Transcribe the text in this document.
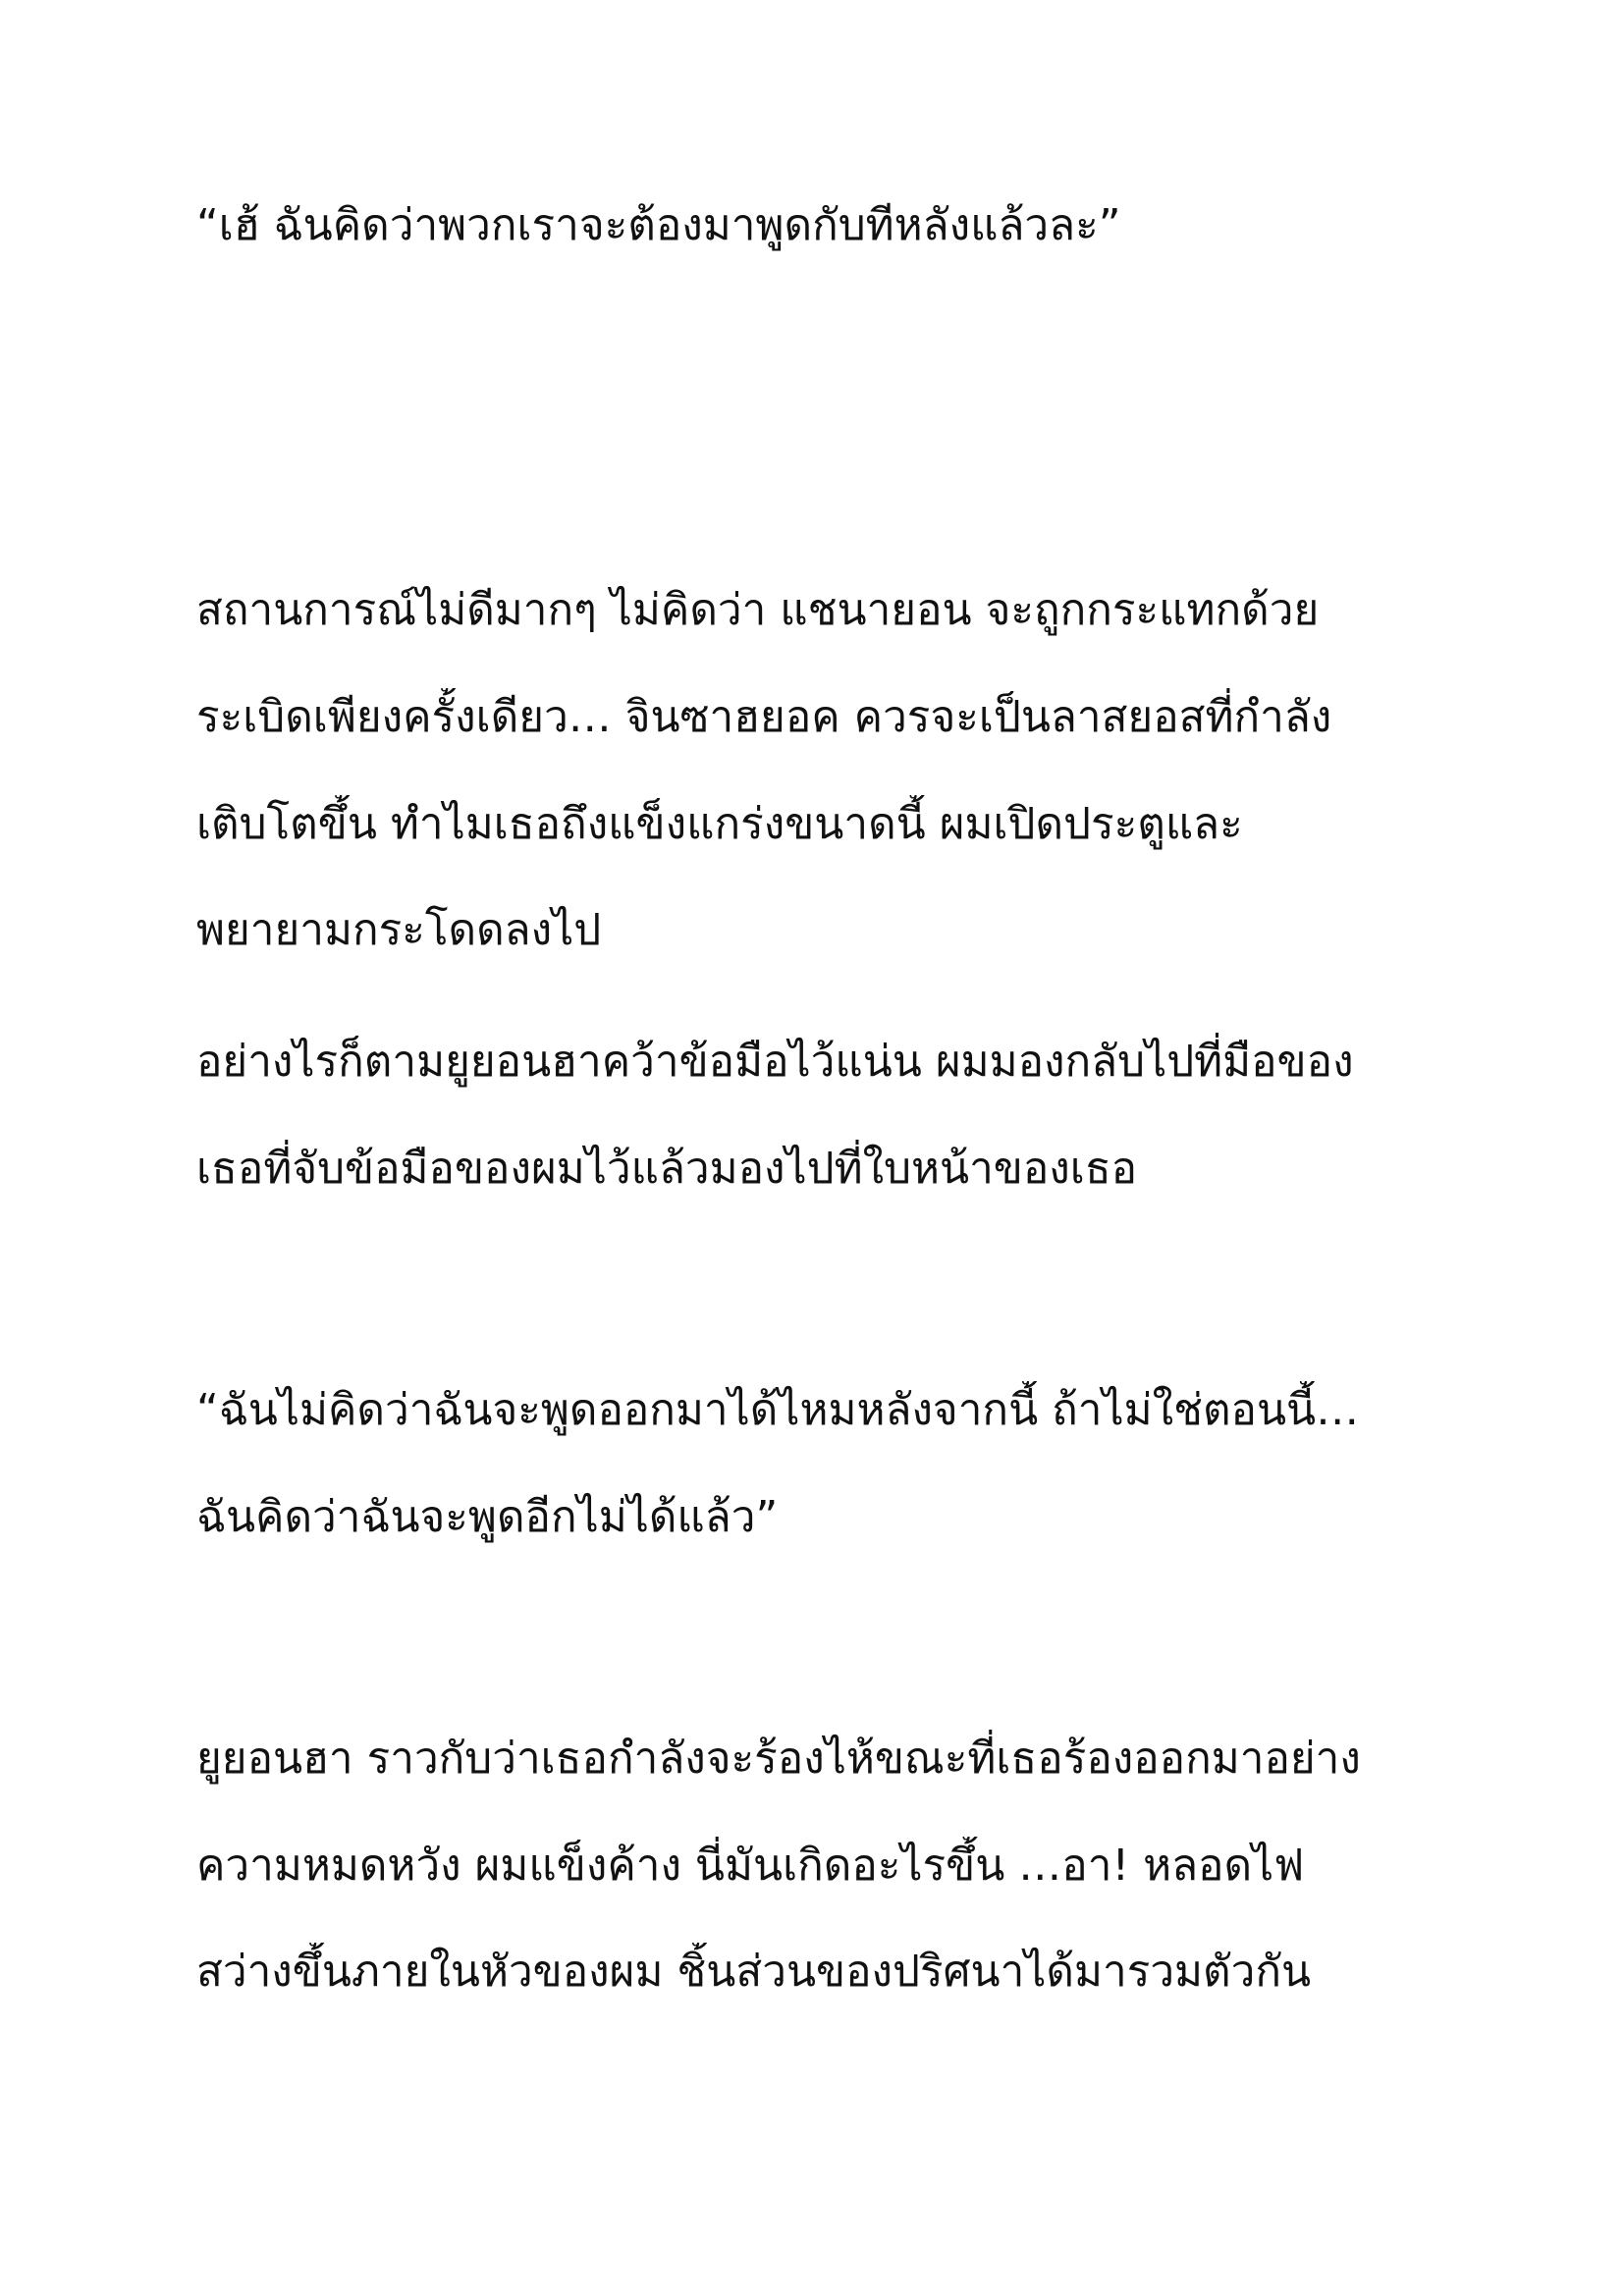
“เฮ้ ฉันคิดว่าพวกเราจะต้องมาพูดกับทีหลังแล้วละ”
สถานการณ์ไม่ดีมากๆ ไม่คิดว่า แชนายอน จะถูกกระแทกด้วย
ระเบิดเพียงครั้งเดียว… จินซาฮยอค ควรจะเป็นลาสยอสที่กำลัง
เติบโตขึ้น ทำไมเธอถึงแข็งแกร่งขนาดนี้ ผมเปิดประตูและ
พยายามกระโดดลงไป
อย่างไรก็ตามยูยอนฮาคว้าข้อมือไว้แน่น ผมมองกลับไปที่มือของ
เธอที่จับข้อมือของผมไว้แล้วมองไปที่ใบหน้าของเธอ
“ฉันไม่คิดว่าฉันจะพูดออกมาได้ไหมหลังจากนี้ ถ้าไม่ใช่ตอนนี้…
ฉันคิดว่าฉันจะพูดอีกไม่ได้แล้ว”
ยูยอนฮา ราวกับว่าเธอกำลังจะร้องไห้ขณะที่เธอร้องออกมาอย่าง
ความหมดหวัง ผมแข็งค้าง นี่มันเกิดอะไรขึ้น …อา! หลอดไฟ
สว่างขึ้นภายในหัวของผม ชิ้นส่วนของปริศนาได้มารวมตัวกัน
